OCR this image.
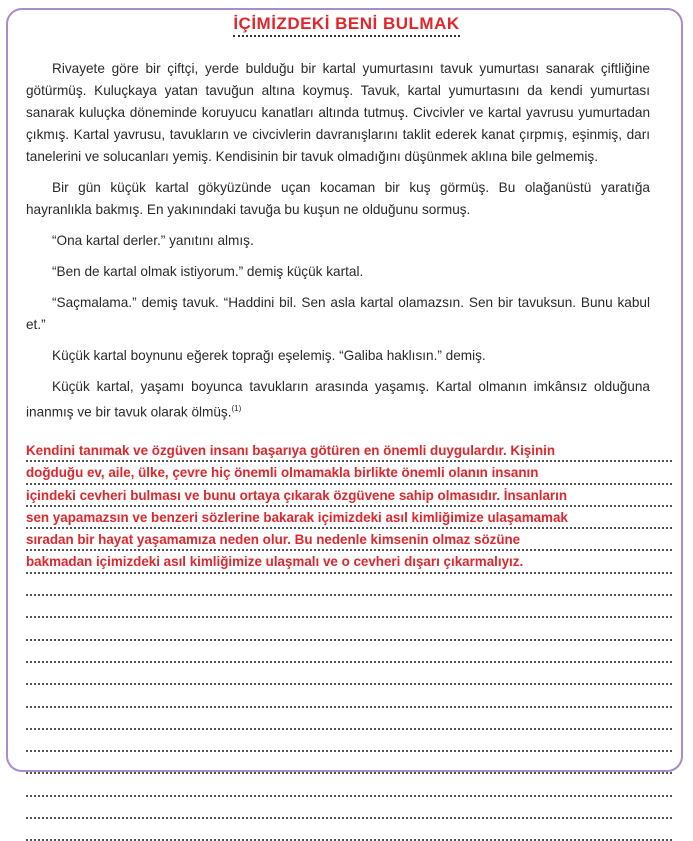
İÇİMİZDEKİ BENİ BULMAK

Rivayete göre bir çiftçi, yerde bulduğu bir kartal yumurtasını tavuk yumurtası sanarak çiftliğine götürmüş. Kuluçkaya yatan tavuğun altına koymuş. Tavuk, kartal yumurtasını da kendi yumurtası sanarak kuluçka döneminde koruyucu kanatları altında tutmuş. Civcivler ve kartal yavrusu yumurtadan çıkmış. Kartal yavrusu, tavukların ve civcivlerin davranışlarını taklit ederek kanat çırpmış, eşinmiş, darı tanelerini ve solucanları yemiş. Kendisinin bir tavuk olmadığını düşünmek aklına bile gelmemiş.

Bir gün küçük kartal gökyüzünde uçan kocaman bir kuş görmüş. Bu olağanüstü yaratığa hayranlıkla bakmış. En yakınındaki tavuğa bu kuşun ne olduğunu sormuş.

“Ona kartal derler.” yanıtını almış.

“Ben de kartal olmak istiyorum.” demiş küçük kartal.

“Saçmalama.” demiş tavuk. “Haddini bil. Sen asla kartal olamazsın. Sen bir tavuksun. Bunu kabul et.”

Küçük kartal boynunu eğerek toprağı eşelemiş. “Galiba haklısın.” demiş.

Küçük kartal, yaşamı boyunca tavukların arasında yaşamış. Kartal olmanın imkânsız olduğuna inanmış ve bir tavuk olarak ölmüş.$^{(1)}$

Kendini tanımak ve özgüven insanı başarıya götüren en önemli duygulardır. Kişinin
doğduğu ev, aile, ülke, çevre hiç önemli olmamakla birlikte önemli olanın insanın
içindeki cevheri bulması ve bunu ortaya çıkarak özgüvene sahip olmasıdır. İnsanların
sen yapamazsın ve benzeri sözlerine bakarak içimizdeki asıl kimliğimize ulaşamamak
sıradan bir hayat yaşamamıza neden olur. Bu nedenle kimsenin olmaz sözüne
bakmadan içimizdeki asıl kimliğimize ulaşmalı ve o cevheri dışarı çıkarmalıyız.
